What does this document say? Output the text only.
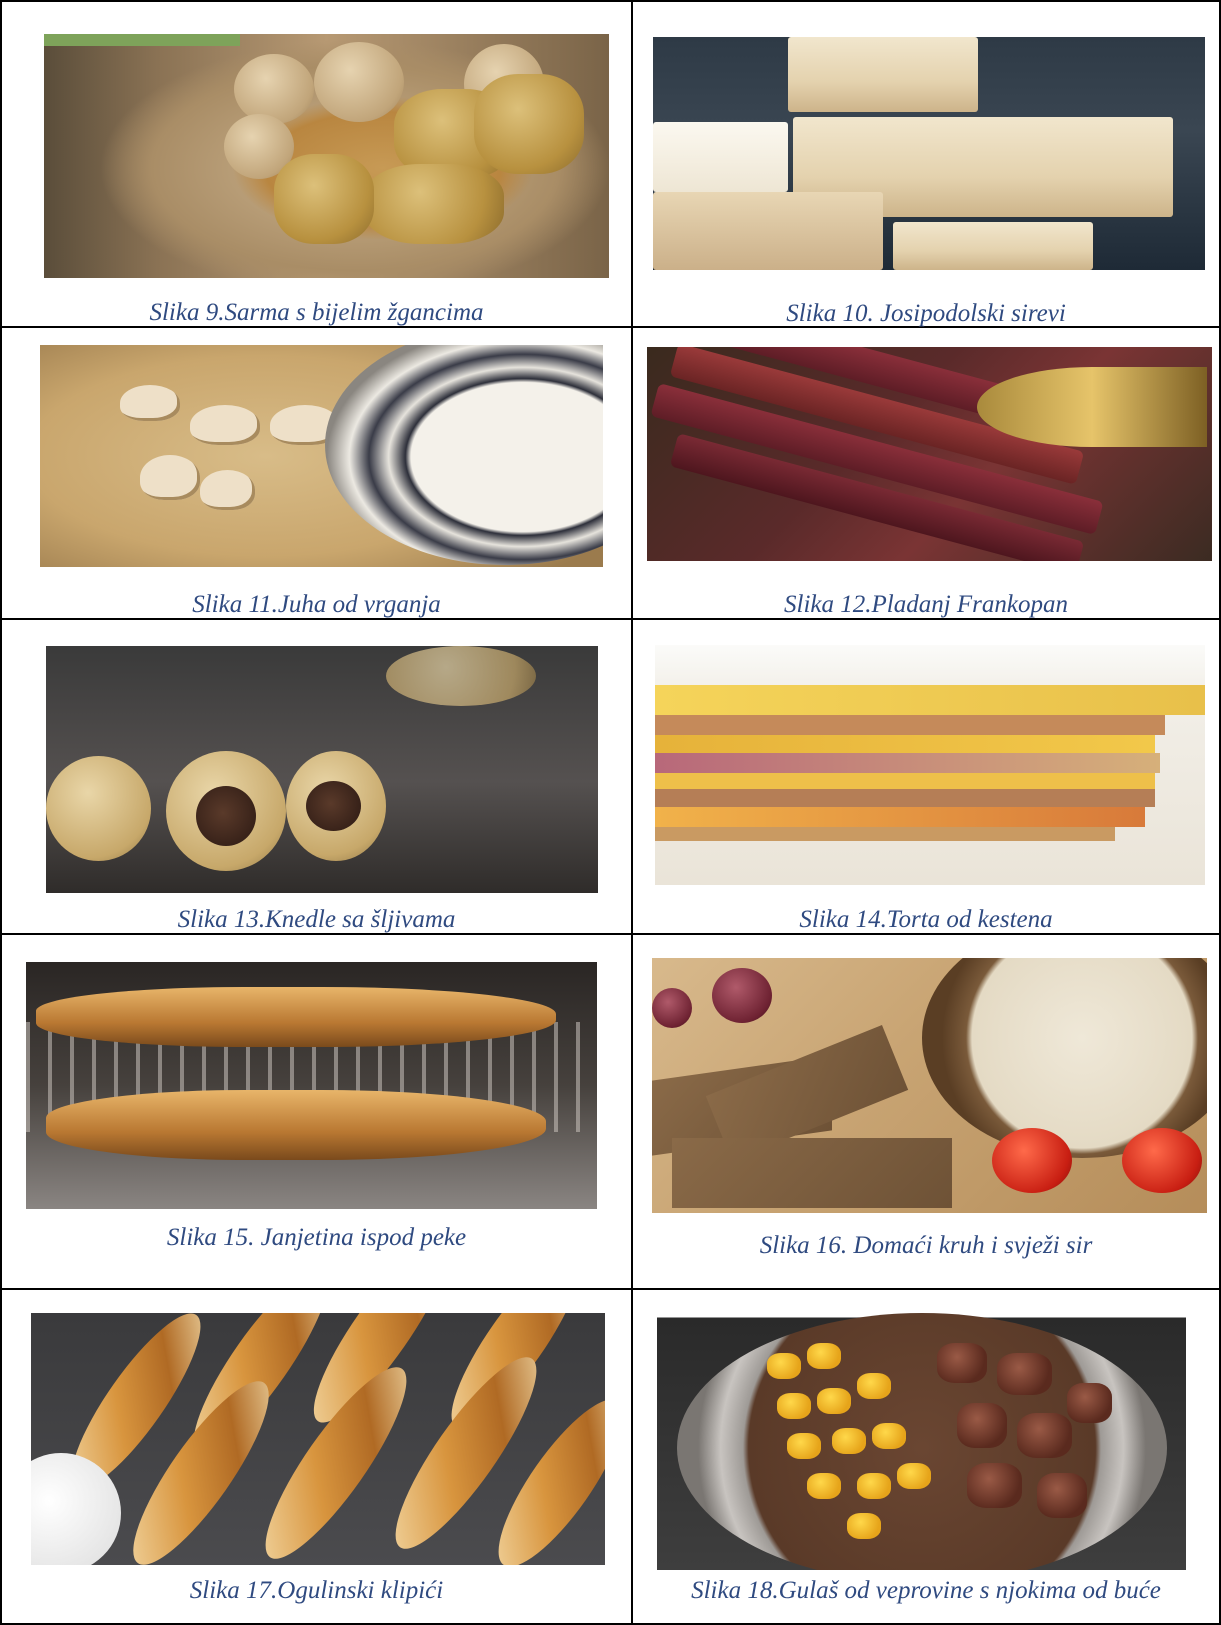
Slika 9.Sarma s bijelim žgancima	Slika 10. Josipodolski sirevi
Slika 11.Juha od vrganja	Slika 12.Pladanj Frankopan
Slika 13.Knedle sa šljivama	Slika 14.Torta od kestena
Slika 15. Janjetina ispod peke	Slika 16. Domaći kruh i svježi sir
Slika 17.Ogulinski klipići	Slika 18.Gulaš od veprovine s njokima od buće
